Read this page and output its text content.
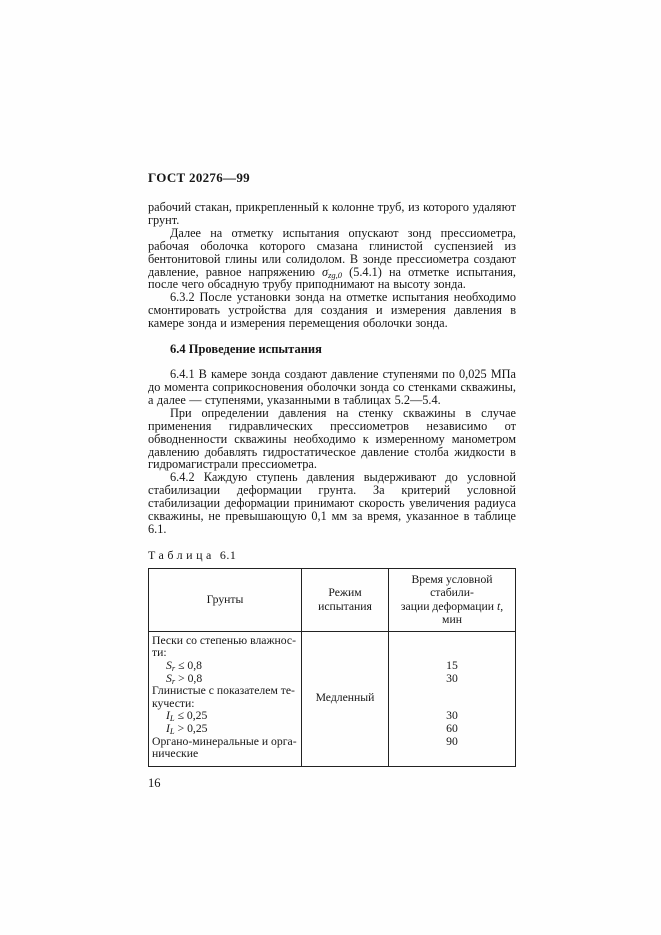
ГОСТ 20276—99

рабочий стакан, прикрепленный к колонне труб, из которого удаляют грунт.

Далее на отметку испытания опускают зонд прессиометра, рабочая оболочка которого смазана глинистой суспензией из бентонитовой глины или солидолом. В зонде прессиометра создают давление, равное напряжению $\sigma_{zg,0}$ (5.4.1) на отметке испытания, после чего обсадную трубу приподнимают на высоту зонда.

6.3.2 После установки зонда на отметке испытания необходимо смонтировать устройства для создания и измерения давления в камере зонда и измерения перемещения оболочки зонда.

6.4 Проведение испытания

6.4.1 В камере зонда создают давление ступенями по 0,025 МПа до момента соприкосновения оболочки зонда со стенками скважины, а далее — ступенями, указанными в таблицах 5.2—5.4.

При определении давления на стенку скважины в случае применения гидравлических прессиометров независимо от обводненности скважины необходимо к измеренному манометром давлению добавлять гидростатическое давление столба жидкости в гидромагистрали прессиометра.

6.4.2 Каждую ступень давления выдерживают до условной стабилизации деформации грунта. За критерий условной стабилизации деформации принимают скорость увеличения радиуса скважины, не превышающую 0,1 мм за время, указанное в таблице 6.1.

Таблица 6.1
Грунты
Режим испытания
Время условной стабили-
зации деформации t, мин
Пески со степенью влажнос-
ти:
$S_r \le 0,8$
$S_r > 0,8$
Глинистые с показателем те-
кучести:
$I_L \le 0,25$
$I_L > 0,25$
Органо-минеральные и орга-
нические
Медленный
15
30
30
60
90
16
